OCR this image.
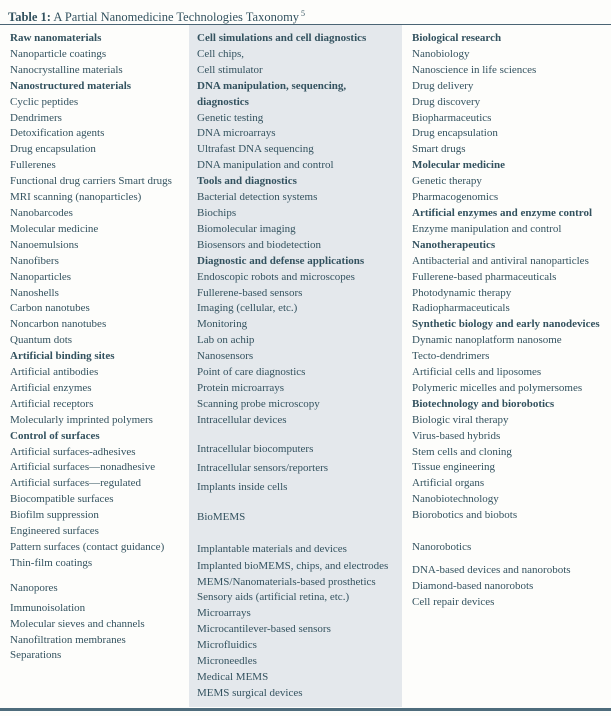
Table 1: A Partial Nanomedicine Technologies Taxonomy $^5$
Raw nanomaterials
Nanoparticle coatings
Nanocrystalline materials
Nanostructured materials
Cyclic peptides
Dendrimers
Detoxification agents
Drug encapsulation
Fullerenes
Functional drug carriers Smart drugs
MRI scanning (nanoparticles)
Nanobarcodes
Molecular medicine
Nanoemulsions
Nanofibers
Nanoparticles
Nanoshells
Carbon nanotubes
Noncarbon nanotubes
Quantum dots
Artificial binding sites
Artificial antibodies
Artificial enzymes
Artificial receptors
Molecularly imprinted polymers
Control of surfaces
Artificial surfaces-adhesives
Artificial surfaces—nonadhesive
Artificial surfaces—regulated
Biocompatible surfaces
Biofilm suppression
Engineered surfaces
Pattern surfaces (contact guidance)
Thin-film coatings
Nanopores
Immunoisolation
Molecular sieves and channels
Nanofiltration membranes
Separations
Cell simulations and cell diagnostics
Cell chips,
Cell stimulator
DNA manipulation, sequencing, diagnostics
Genetic testing
DNA microarrays
Ultrafast DNA sequencing
DNA manipulation and control
Tools and diagnostics
Bacterial detection systems
Biochips
Biomolecular imaging
Biosensors and biodetection
Diagnostic and defense applications
Endoscopic robots and microscopes
Fullerene-based sensors
Imaging (cellular, etc.)
Monitoring
Lab on achip
Nanosensors
Point of care diagnostics
Protein microarrays
Scanning probe microscopy
Intracellular devices
Intracellular biocomputers
Intracellular sensors/reporters
Implants inside cells
BioMEMS
Implantable materials and devices
Implanted bioMEMS, chips, and electrodes
MEMS/Nanomaterials-based prosthetics
Sensory aids (artificial retina, etc.)
Microarrays
Microcantilever-based sensors
Microfluidics
Microneedles
Medical MEMS
MEMS surgical devices
Biological research
Nanobiology
Nanoscience in life sciences
Drug delivery
Drug discovery
Biopharmaceutics
Drug encapsulation
Smart drugs
Molecular medicine
Genetic therapy
Pharmacogenomics
Artificial enzymes and enzyme control
Enzyme manipulation and control
Nanotherapeutics
Antibacterial and antiviral nanoparticles
Fullerene-based pharmaceuticals
Photodynamic therapy
Radiopharmaceuticals
Synthetic biology and early nanodevices
Dynamic nanoplatform nanosome
Tecto-dendrimers
Artificial cells and liposomes
Polymeric micelles and polymersomes
Biotechnology and biorobotics
Biologic viral therapy
Virus-based hybrids
Stem cells and cloning
Tissue engineering
Artificial organs
Nanobiotechnology
Biorobotics and biobots
Nanorobotics
DNA-based devices and nanorobots
Diamond-based nanorobots
Cell repair devices
